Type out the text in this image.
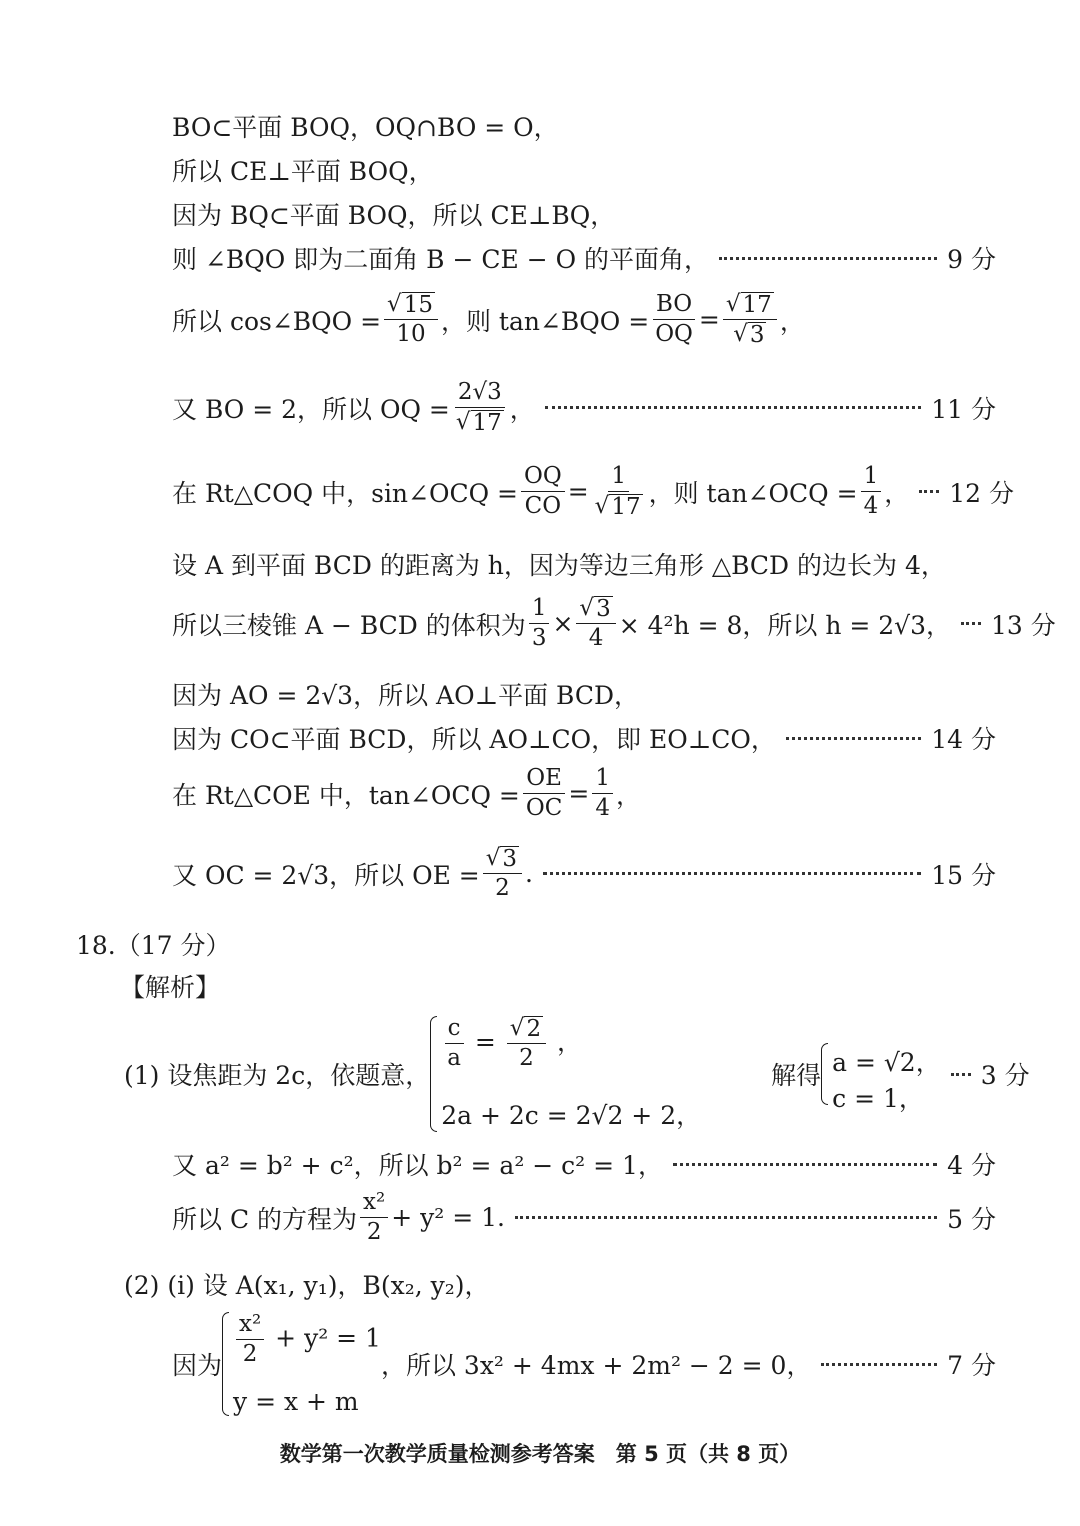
BO⊂平面 BOQ，OQ∩BO = O，
所以 CE⊥平面 BOQ，
因为 BQ⊂平面 BOQ，所以 CE⊥BQ，
则 ∠BQO 即为二面角 B − CE − O 的平面角，	9 分
所以 cos∠BQO = $\frac{√ 15}{10}$ ，则 tan∠BQO = $\frac{BO}{OQ} = \frac{√ 17}{√ 3}$ ，
又 BO = 2，所以 OQ = $\frac{2√3}{√ 17}$ ，	11 分
在 Rt△COQ 中，sin∠OCQ = $\frac{OQ}{CO} = \frac{1}{√ 17}$ ，则 tan∠OCQ = $\frac{1}{4}$ ， 12 分
设 A 到平面 BCD 的距离为 h，因为等边三角形 △BCD 的边长为 4，
所以三棱锥 A − BCD 的体积为 $\frac{1}{3} \times \frac{√ 3}{4} \times 4^2h = 8$，所以 h = 2√3， 13 分
因为 AO = 2√3，所以 AO⊥平面 BCD，
因为 CO⊂平面 BCD，所以 AO⊥CO，即 EO⊥CO，	14 分
在 Rt△COE 中，tan∠OCQ = $\frac{OE}{OC} = \frac{1}{4}$ ，
又 OC = 2√3，所以 OE = $\frac{√ 3}{2}$ .	15 分
18.（17 分）
【解析】
(1) 设焦距为 2c，依题意，
$\frac{c}{a} = \frac{√ 2}{2}$ ，
2a + 2c = 2√2 + 2，
解得 a = √2，
c = 1，
3 分
又 a² = b² + c²，所以 b² = a² − c² = 1，	4 分
所以 C 的方程为 $\frac{\text{x²}}{2} + y^2 = 1$.	5 分
(2) (ⅰ) 设 A(x₁, y₁)，B(x₂, y₂)，
因为 $\frac{\text{x²}}{2} + y^2 = 1$
y = x + m
，所以 3x² + 4mx + 2m² − 2 = 0，	7 分
数学第一次教学质量检测参考答案　第 5 页（共 8 页）
